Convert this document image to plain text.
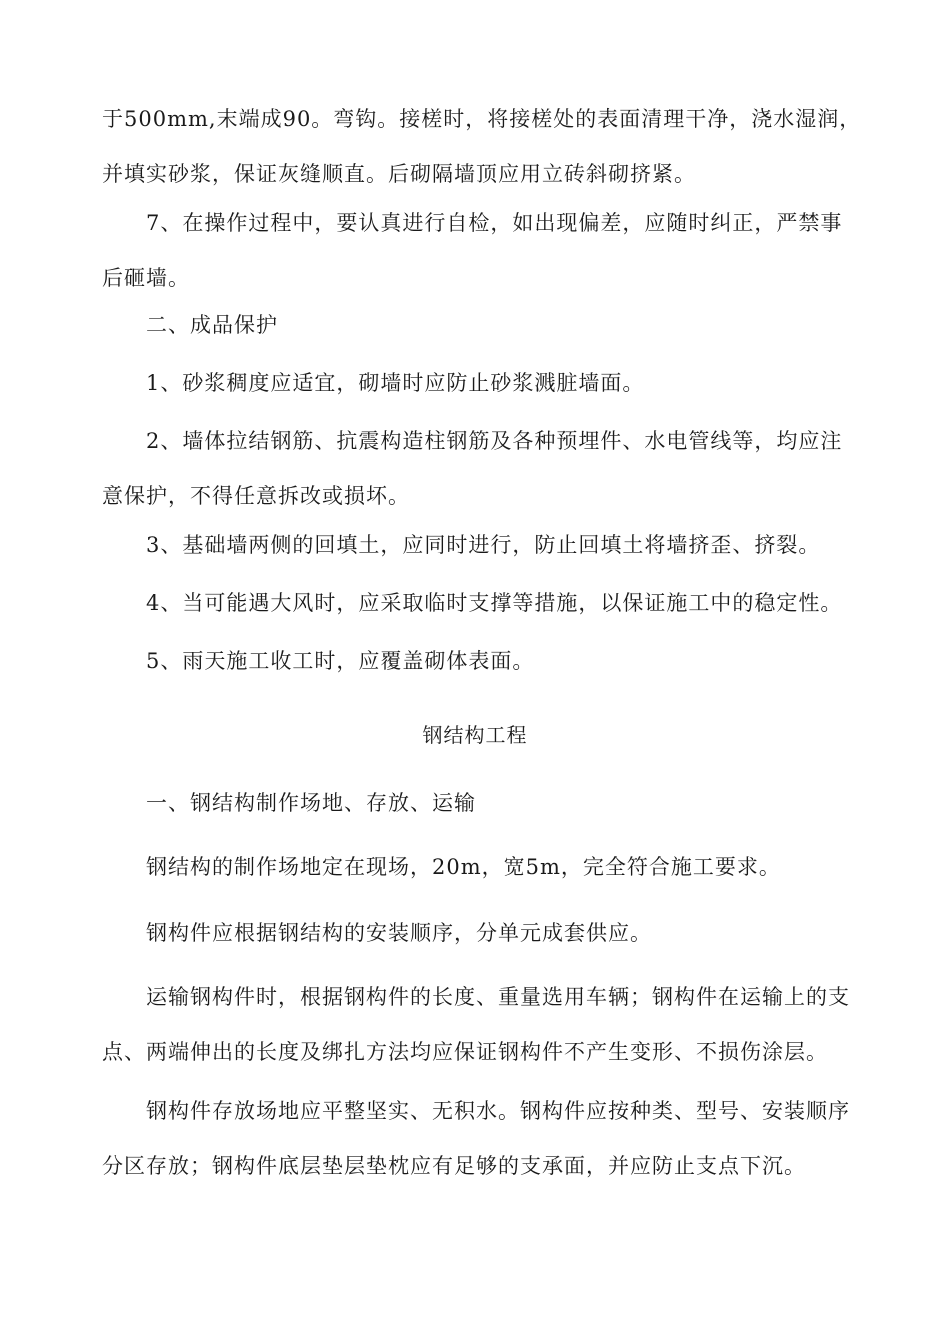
于500mm,末端成90。弯钩。接槎时，将接槎处的表面清理干净，浇水湿润，并填实砂浆，保证灰缝顺直。后砌隔墙顶应用立砖斜砌挤紧。

7、在操作过程中，要认真进行自检，如出现偏差，应随时纠正，严禁事后砸墙。

二、成品保护

1、砂浆稠度应适宜，砌墙时应防止砂浆溅脏墙面。

2、墙体拉结钢筋、抗震构造柱钢筋及各种预埋件、水电管线等，均应注意保护，不得任意拆改或损坏。

3、基础墙两侧的回填土，应同时进行，防止回填土将墙挤歪、挤裂。

4、当可能遇大风时，应采取临时支撑等措施，以保证施工中的稳定性。

5、雨天施工收工时，应覆盖砌体表面。

钢结构工程

一、钢结构制作场地、存放、运输

钢结构的制作场地定在现场，20m，宽5m，完全符合施工要求。

钢构件应根据钢结构的安装顺序，分单元成套供应。

运输钢构件时，根据钢构件的长度、重量选用车辆；钢构件在运输上的支点、两端伸出的长度及绑扎方法均应保证钢构件不产生变形、不损伤涂层。

钢构件存放场地应平整坚实、无积水。钢构件应按种类、型号、安装顺序分区存放；钢构件底层垫层垫枕应有足够的支承面，并应防止支点下沉。
